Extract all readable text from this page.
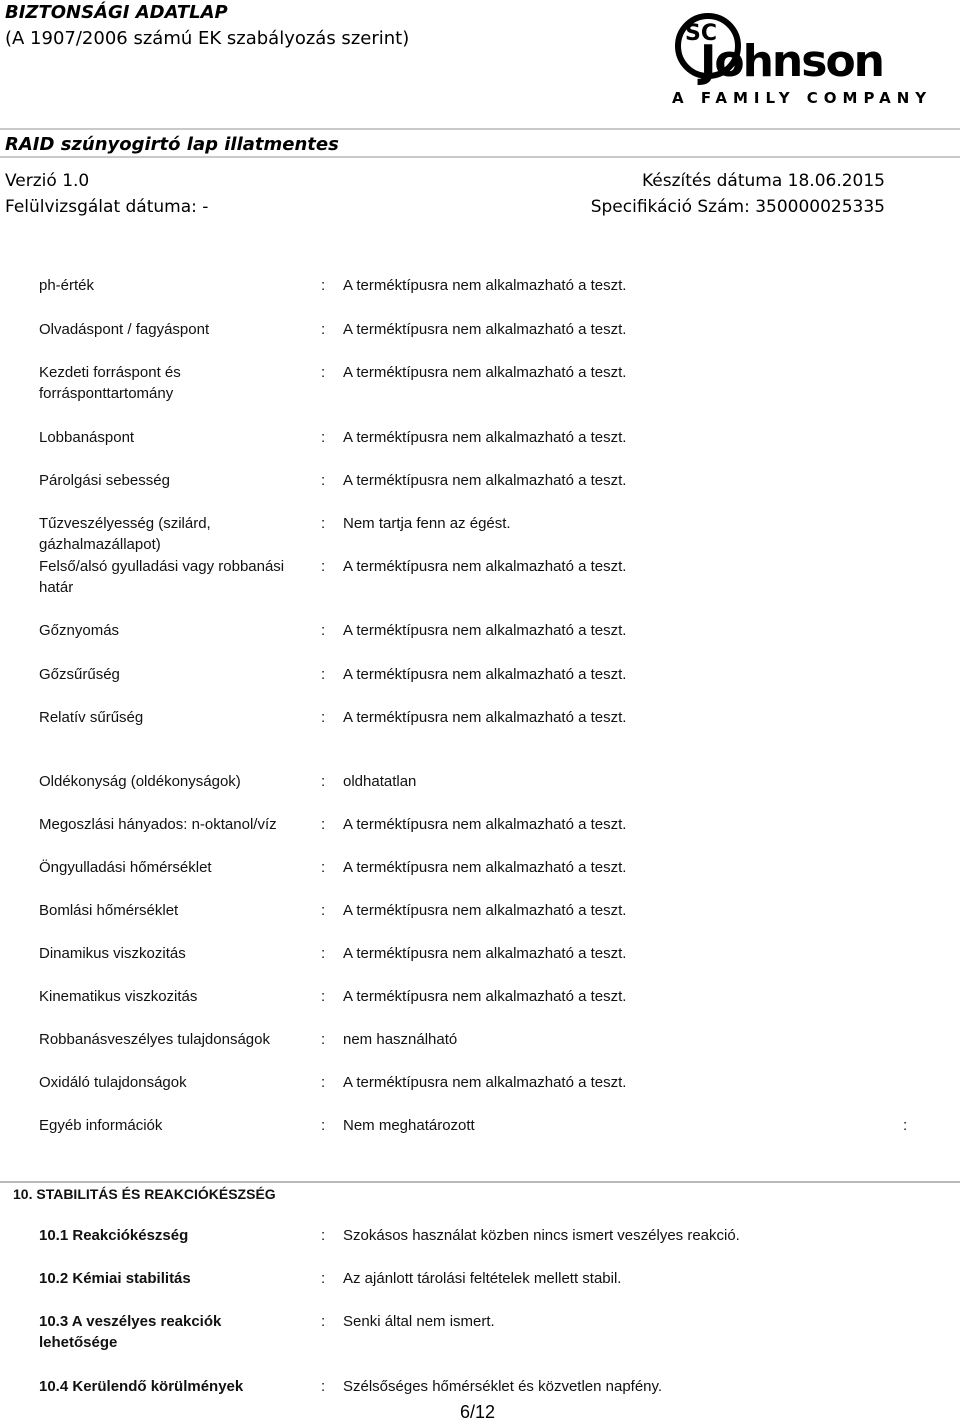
BIZTONSÁGI ADATLAP
(A 1907/2006 számú EK szabályozás szerint)	SC
Johnson
A FAMILY COMPANY
RAID szúnyogirtó lap illatmentes
Verzió 1.0
Felülvizsgálat dátuma: -
Készítés dátuma 18.06.2015
Specifikáció Szám: 350000025335
ph-érték	: A terméktípusra nem alkalmazható a teszt.
Olvadáspont / fagyáspont	: A terméktípusra nem alkalmazható a teszt.
Kezdeti forráspont és forrásponttartomány
: A terméktípusra nem alkalmazható a teszt.
Lobbanáspont	: A terméktípusra nem alkalmazható a teszt.
Párolgási sebesség	: A terméktípusra nem alkalmazható a teszt.
Tűzveszélyesség (szilárd, gázhalmazállapot)
: Nem tartja fenn az égést.
Felső/alsó gyulladási vagy robbanási határ
: A terméktípusra nem alkalmazható a teszt.
Gőznyomás	: A terméktípusra nem alkalmazható a teszt.
Gőzsűrűség	: A terméktípusra nem alkalmazható a teszt.
Relatív sűrűség	: A terméktípusra nem alkalmazható a teszt.
Oldékonyság (oldékonyságok)	: oldhatatlan
Megoszlási hányados: n-oktanol/víz	: A terméktípusra nem alkalmazható a teszt.
Öngyulladási hőmérséklet	: A terméktípusra nem alkalmazható a teszt.
Bomlási hőmérséklet	: A terméktípusra nem alkalmazható a teszt.
Dinamikus viszkozitás	: A terméktípusra nem alkalmazható a teszt.
Kinematikus viszkozitás	: A terméktípusra nem alkalmazható a teszt.
Robbanásveszélyes tulajdonságok	: nem használható
Oxidáló tulajdonságok	: A terméktípusra nem alkalmazható a teszt.
Egyéb információk	: Nem meghatározott	:
10. STABILITÁS ÉS REAKCIÓKÉSZSÉG
10.1 Reakciókészség	: Szokásos használat közben nincs ismert veszélyes reakció.
10.2 Kémiai stabilitás	: Az ajánlott tárolási feltételek mellett stabil.
10.3 A veszélyes reakciók lehetősége
: Senki által nem ismert.
10.4 Kerülendő körülmények	: Szélsőséges hőmérséklet és közvetlen napfény.
6/12
